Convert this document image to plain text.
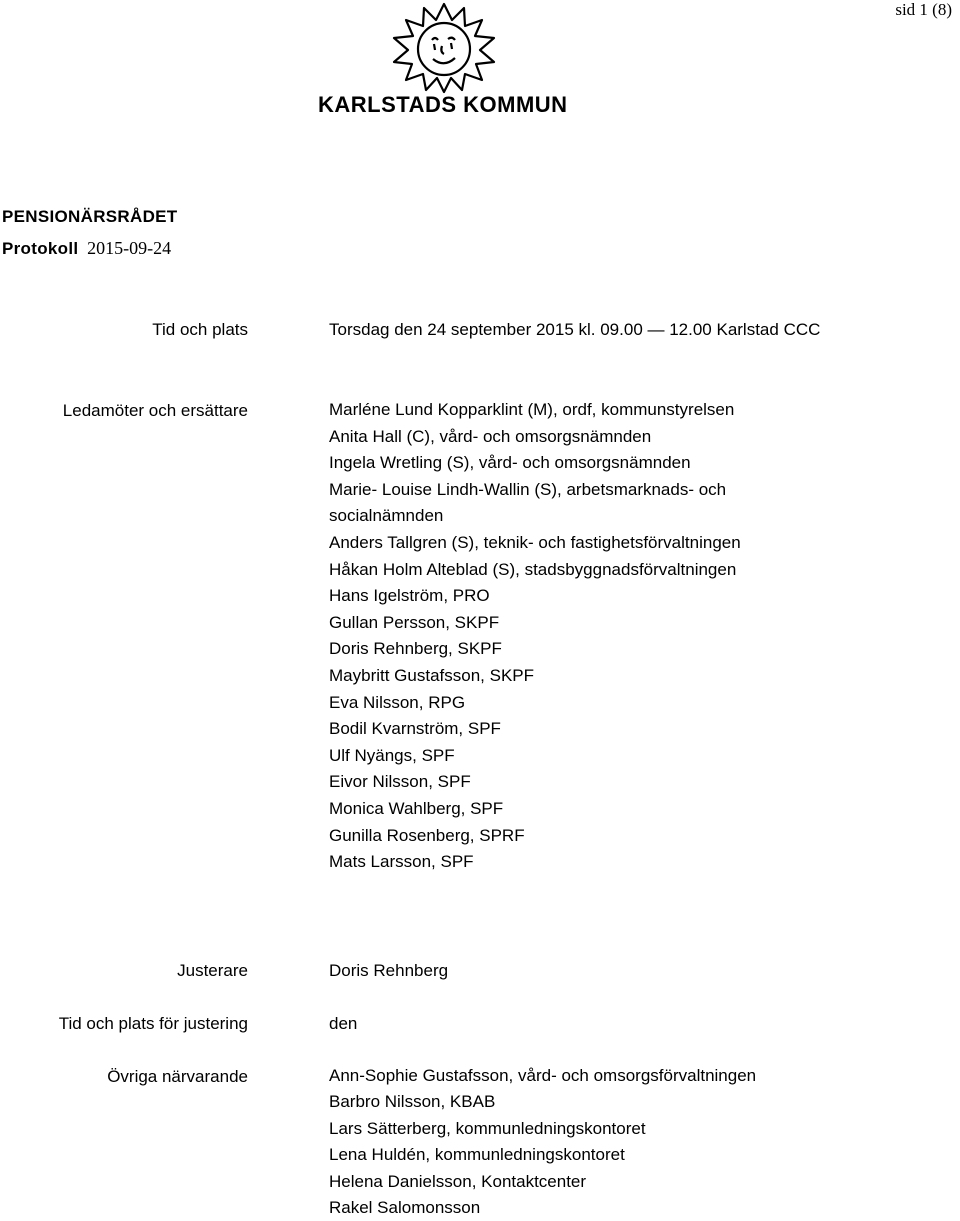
sid 1 (8)
KARLSTADS KOMMUN
PENSIONÄRSRÅDET
Protokoll 2015-09-24
Tid och plats	Torsdag den 24 september 2015 kl. 09.00 — 12.00 Karlstad CCC
Ledamöter och ersättare	Marléne Lund Kopparklint (M), ordf, kommunstyrelsen
Anita Hall (C), vård- och omsorgsnämnden
Ingela Wretling (S), vård- och omsorgsnämnden
Marie- Louise Lindh-Wallin (S), arbetsmarknads- och
socialnämnden
Anders Tallgren (S), teknik- och fastighetsförvaltningen
Håkan Holm Alteblad (S), stadsbyggnadsförvaltningen
Hans Igelström, PRO
Gullan Persson, SKPF
Doris Rehnberg, SKPF
Maybritt Gustafsson, SKPF
Eva Nilsson, RPG
Bodil Kvarnström, SPF
Ulf Nyängs, SPF
Eivor Nilsson, SPF
Monica Wahlberg, SPF
Gunilla Rosenberg, SPRF
Mats Larsson, SPF
Justerare	Doris Rehnberg
Tid och plats för justering	den
Övriga närvarande	Ann-Sophie Gustafsson, vård- och omsorgsförvaltningen
Barbro Nilsson, KBAB
Lars Sätterberg, kommunledningskontoret
Lena Huldén, kommunledningskontoret
Helena Danielsson, Kontaktcenter
Rakel Salomonsson
